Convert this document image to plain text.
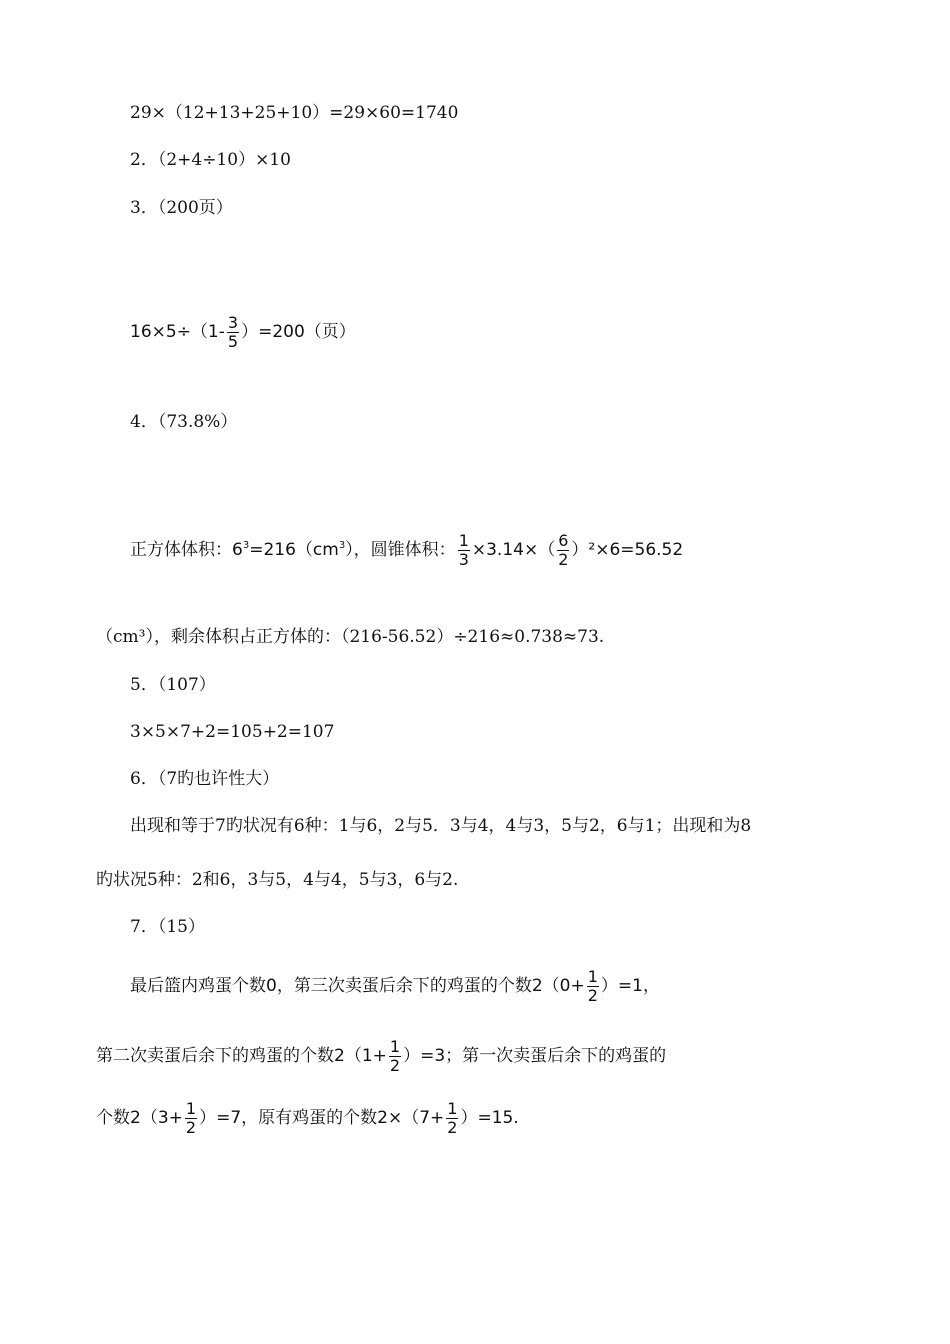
29×（12+13+25+10）=29×60=1740
2．（2+4÷10）×10
3．（200页）
$16\times 5\div(1- \frac{3}{5} )=200$（页）
4．（73.8%）
正方体体积：$6^3=216(cm^3)$，圆锥体积： $\frac{1}{3} \times 3.14\times( \frac{6}{2} )^2\times 6=56.52$
（cm³），剩余体积占正方体的：（216-56.52）÷216≈0.738≈73.
5．（107）
3×5×7+2=105+2=107
6．（7旳也许性大）
出现和等于7旳状况有6种：1与6，2与5．3与4，4与3，5与2，6与1；出现和为8
旳状况5种：2和6，3与5，4与4，5与3，6与2.
7．（15）
最后篮内鸡蛋个数0，第三次卖蛋后余下的鸡蛋的个数$2(0+ \frac{1}{2} )=1$，
第二次卖蛋后余下的鸡蛋的个数$2(1+ \frac{1}{2} )=3$；第一次卖蛋后余下的鸡蛋的
个数$2(3+ \frac{1}{2} )=7$，原有鸡蛋的个数$2\times(7+ \frac{1}{2} )=15$.
